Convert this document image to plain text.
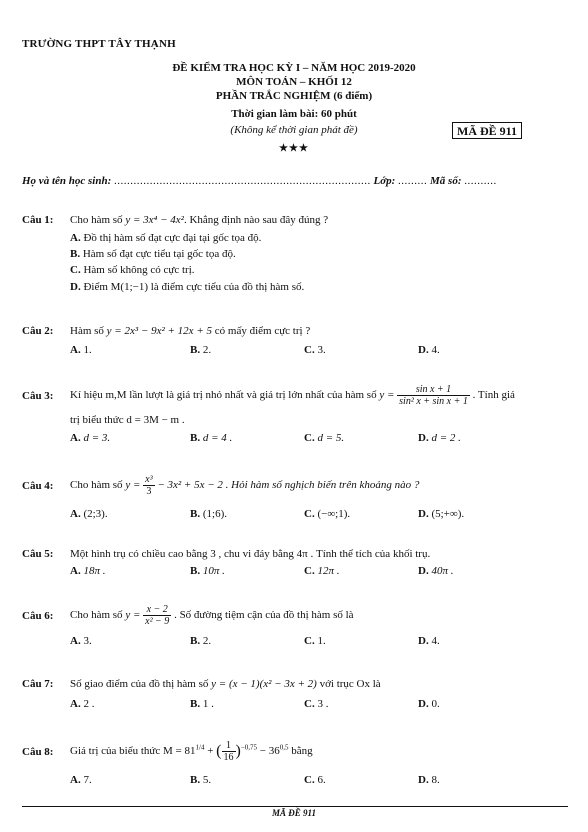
TRƯỜNG THPT TÂY THẠNH
ĐỀ KIỂM TRA HỌC KỲ I – NĂM HỌC 2019-2020
MÔN TOÁN – KHỐI 12
PHẦN TRẮC NGHIỆM (6 điểm)
Thời gian làm bài: 60 phút
(Không kể thời gian phát đề)	MÃ ĐỀ 911
★★★
Họ và tên học sinh: ............................................................................... Lớp: ......... Mã số: ..........
Câu 1: Cho hàm số y = 3x⁴ − 4x². Khẳng định nào sau đây đúng ?
A. Đồ thị hàm số đạt cực đại tại gốc tọa độ.
B. Hàm số đạt cực tiểu tại gốc tọa độ.
C. Hàm số không có cực trị.
D. Điểm M(1;−1) là điểm cực tiểu của đồ thị hàm số.
Câu 2: Hàm số y = 2x³ − 9x² + 12x + 5 có mấy điểm cực trị ?
A. 1.	B. 2.	C. 3.	D. 4.
Câu 3: Kí hiệu m,M lần lượt là giá trị nhỏ nhất và giá trị lớn nhất của hàm số $y = \frac{\text{sin x + 1}}{\text{sin² x + sin x + 1}}$ . Tính giá
trị biểu thức d = 3M − m .
A. d = 3.	B. d = 4 .	C. d = 5.	D. d = 2 .
Câu 4: Cho hàm số $y = \frac{\text{x³}}{3} - 3x^2 + 5x - 2$ . Hỏi hàm số nghịch biến trên khoảng nào ?
A. (2;3).	B. (1;6).	C. (−∞;1).	D. (5;+∞).
Câu 5: Một hình trụ có chiều cao bằng 3 , chu vi đáy bằng 4π . Tính thể tích của khối trụ.
A. 18π .	B. 10π .	C. 12π .	D. 40π .
Câu 6: Cho hàm số $y = \frac{x - 2}{\text{x² − 9}}$ . Số đường tiệm cận của đồ thị hàm số là
A. 3.	B. 2.	C. 1.	D. 4.
Câu 7: Số giao điểm của đồ thị hàm số y = (x − 1)(x² − 3x + 2) với trục Ox là
A. 2 .	B. 1 .	C. 3 .	D. 0.
Câu 8: Giá trị của biểu thức $M = 81^{1/4}$ + ( $\frac{1}{16} )^{-0,75} - 36^{0,5}$ bằng
A. 7.	B. 5.	C. 6.	D. 8.
MÃ ĐỀ 911
